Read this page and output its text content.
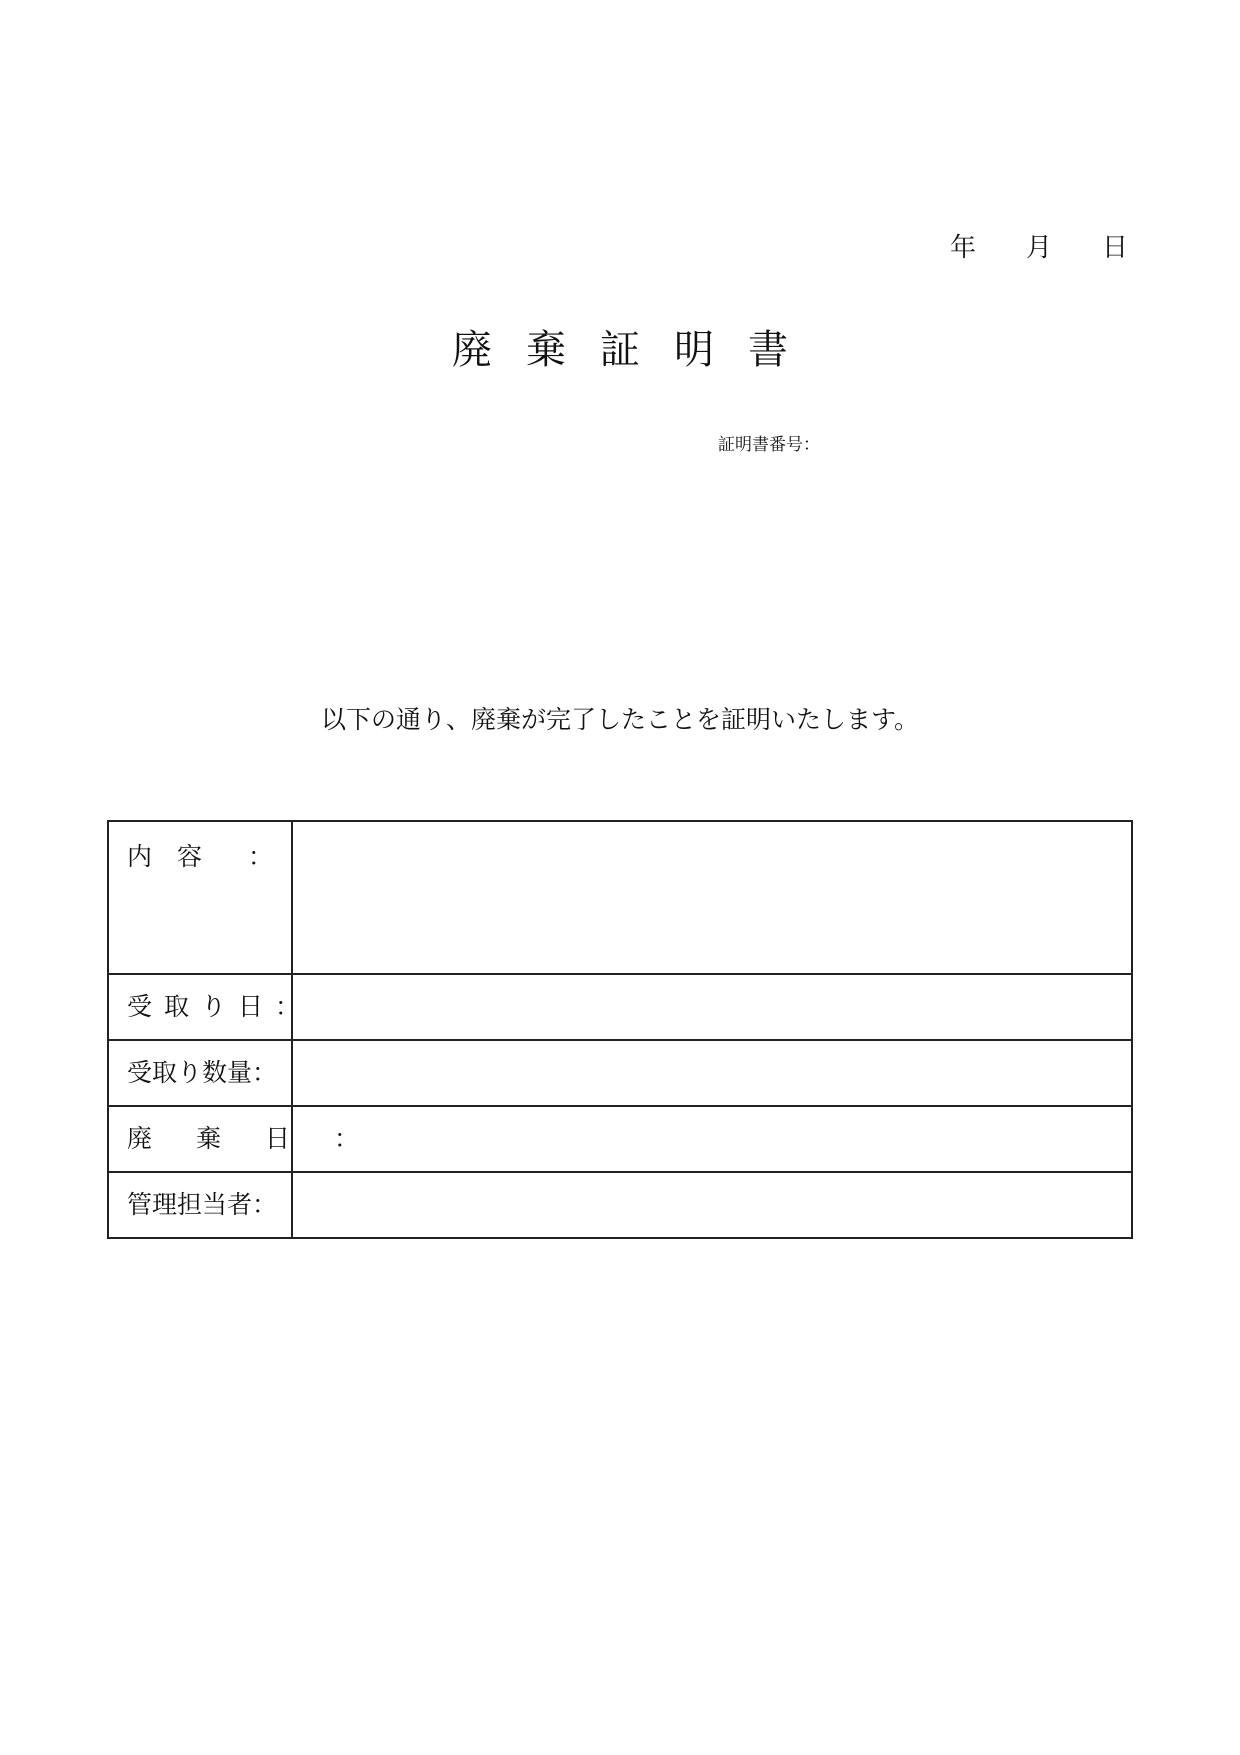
年 月 日
廃棄証明書
証明書番号：
以下の通り、廃棄が完了したことを証明いたします。
内　容 ：	

受取り日 ：	

受取り数量 ：	

廃棄日 ：	

管理担当者 ：	
